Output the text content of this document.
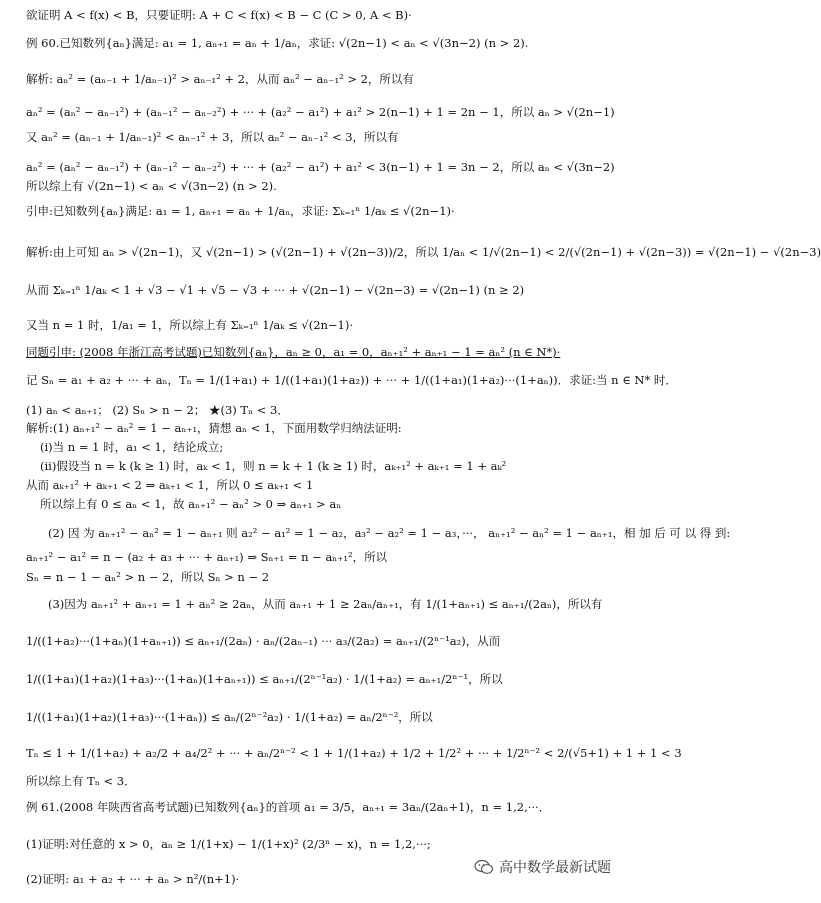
欲证明 A < f(x) < B，只要证明: A + C < f(x) < B − C (C > 0, A < B)·
例 60.已知数列{aₙ}满足: a₁ = 1, aₙ₊₁ = aₙ + 1/aₙ，求证: √(2n−1) < aₙ < √(3n−2) (n > 2).
解析: aₙ² = (aₙ₋₁ + 1/aₙ₋₁)² > aₙ₋₁² + 2，从而 aₙ² − aₙ₋₁² > 2，所以有
aₙ² = (aₙ² − aₙ₋₁²) + (aₙ₋₁² − aₙ₋₂²) + ··· + (a₂² − a₁²) + a₁² > 2(n−1) + 1 = 2n − 1，所以 aₙ > √(2n−1)
又 aₙ² = (aₙ₋₁ + 1/aₙ₋₁)² < aₙ₋₁² + 3，所以 aₙ² − aₙ₋₁² < 3，所以有
aₙ² = (aₙ² − aₙ₋₁²) + (aₙ₋₁² − aₙ₋₂²) + ··· + (a₂² − a₁²) + a₁² < 3(n−1) + 1 = 3n − 2，所以 aₙ < √(3n−2)
所以综上有 √(2n−1) < aₙ < √(3n−2) (n > 2).
引申:已知数列{aₙ}满足: a₁ = 1, aₙ₊₁ = aₙ + 1/aₙ，求证: Σₖ₌₁ⁿ 1/aₖ ≤ √(2n−1)·
解析:由上可知 aₙ > √(2n−1)，又 √(2n−1) > (√(2n−1) + √(2n−3))/2，所以 1/aₙ < 1/√(2n−1) < 2/(√(2n−1) + √(2n−3)) = √(2n−1) − √(2n−3)
从而 Σₖ₌₁ⁿ 1/aₖ < 1 + √3 − √1 + √5 − √3 + ··· + √(2n−1) − √(2n−3) = √(2n−1) (n ≥ 2)
又当 n = 1 时，1/a₁ = 1，所以综上有 Σₖ₌₁ⁿ 1/aₖ ≤ √(2n−1)·
同题引申: (2008 年浙江高考试题)已知数列{aₙ}，aₙ ≥ 0，a₁ = 0，aₙ₊₁² + aₙ₊₁ − 1 = aₙ² (n ∈ N*)·
记 Sₙ = a₁ + a₂ + ··· + aₙ，Tₙ = 1/(1+a₁) + 1/((1+a₁)(1+a₂)) + ··· + 1/((1+a₁)(1+a₂)···(1+aₙ))．求证:当 n ∈ N* 时．
(1) aₙ < aₙ₊₁； (2) Sₙ > n − 2； ★(3) Tₙ < 3．
解析:(1) aₙ₊₁² − aₙ² = 1 − aₙ₊₁，猜想 aₙ < 1，下面用数学归纳法证明:
(i)当 n = 1 时，a₁ < 1，结论成立;
(ii)假设当 n = k (k ≥ 1) 时，aₖ < 1，则 n = k + 1 (k ≥ 1) 时，aₖ₊₁² + aₖ₊₁ = 1 + aₖ²
从而 aₖ₊₁² + aₖ₊₁ < 2 ⇒ aₖ₊₁ < 1，所以 0 ≤ aₖ₊₁ < 1
所以综上有 0 ≤ aₙ < 1，故 aₙ₊₁² − aₙ² > 0 ⇒ aₙ₊₁ > aₙ
(2) 因 为 aₙ₊₁² − aₙ² = 1 − aₙ₊₁ 则 a₂² − a₁² = 1 − a₂，a₃² − a₂² = 1 − a₃，···， aₙ₊₁² − aₙ² = 1 − aₙ₊₁，相 加 后 可 以 得 到:
aₙ₊₁² − a₁² = n − (a₂ + a₃ + ··· + aₙ₊₁) ⇒ Sₙ₊₁ = n − aₙ₊₁²，所以
Sₙ = n − 1 − aₙ² > n − 2，所以 Sₙ > n − 2
(3)因为 aₙ₊₁² + aₙ₊₁ = 1 + aₙ² ≥ 2aₙ，从而 aₙ₊₁ + 1 ≥ 2aₙ/aₙ₊₁，有 1/(1+aₙ₊₁) ≤ aₙ₊₁/(2aₙ)，所以有
1/((1+a₂)···(1+aₙ)(1+aₙ₊₁)) ≤ aₙ₊₁/(2aₙ) · aₙ/(2aₙ₋₁) ··· a₃/(2a₂) = aₙ₊₁/(2ⁿ⁻¹a₂)，从而
1/((1+a₁)(1+a₂)(1+a₃)···(1+aₙ)(1+aₙ₊₁)) ≤ aₙ₊₁/(2ⁿ⁻¹a₂) · 1/(1+a₂) = aₙ₊₁/2ⁿ⁻¹，所以
1/((1+a₁)(1+a₂)(1+a₃)···(1+aₙ)) ≤ aₙ/(2ⁿ⁻²a₂) · 1/(1+a₂) = aₙ/2ⁿ⁻²，所以
Tₙ ≤ 1 + 1/(1+a₂) + a₂/2 + a₄/2² + ··· + aₙ/2ⁿ⁻² < 1 + 1/(1+a₂) + 1/2 + 1/2² + ··· + 1/2ⁿ⁻² < 2/(√5+1) + 1 + 1 < 3
所以综上有 Tₙ < 3．
例 61.(2008 年陕西省高考试题)已知数列{aₙ}的首项 a₁ = 3/5，aₙ₊₁ = 3aₙ/(2aₙ+1)，n = 1,2,···．
(1)证明:对任意的 x > 0，aₙ ≥ 1/(1+x) − 1/(1+x)² (2/3ⁿ − x)，n = 1,2,···;
(2)证明: a₁ + a₂ + ··· + aₙ > n²/(n+1)·
高中数学最新试题
